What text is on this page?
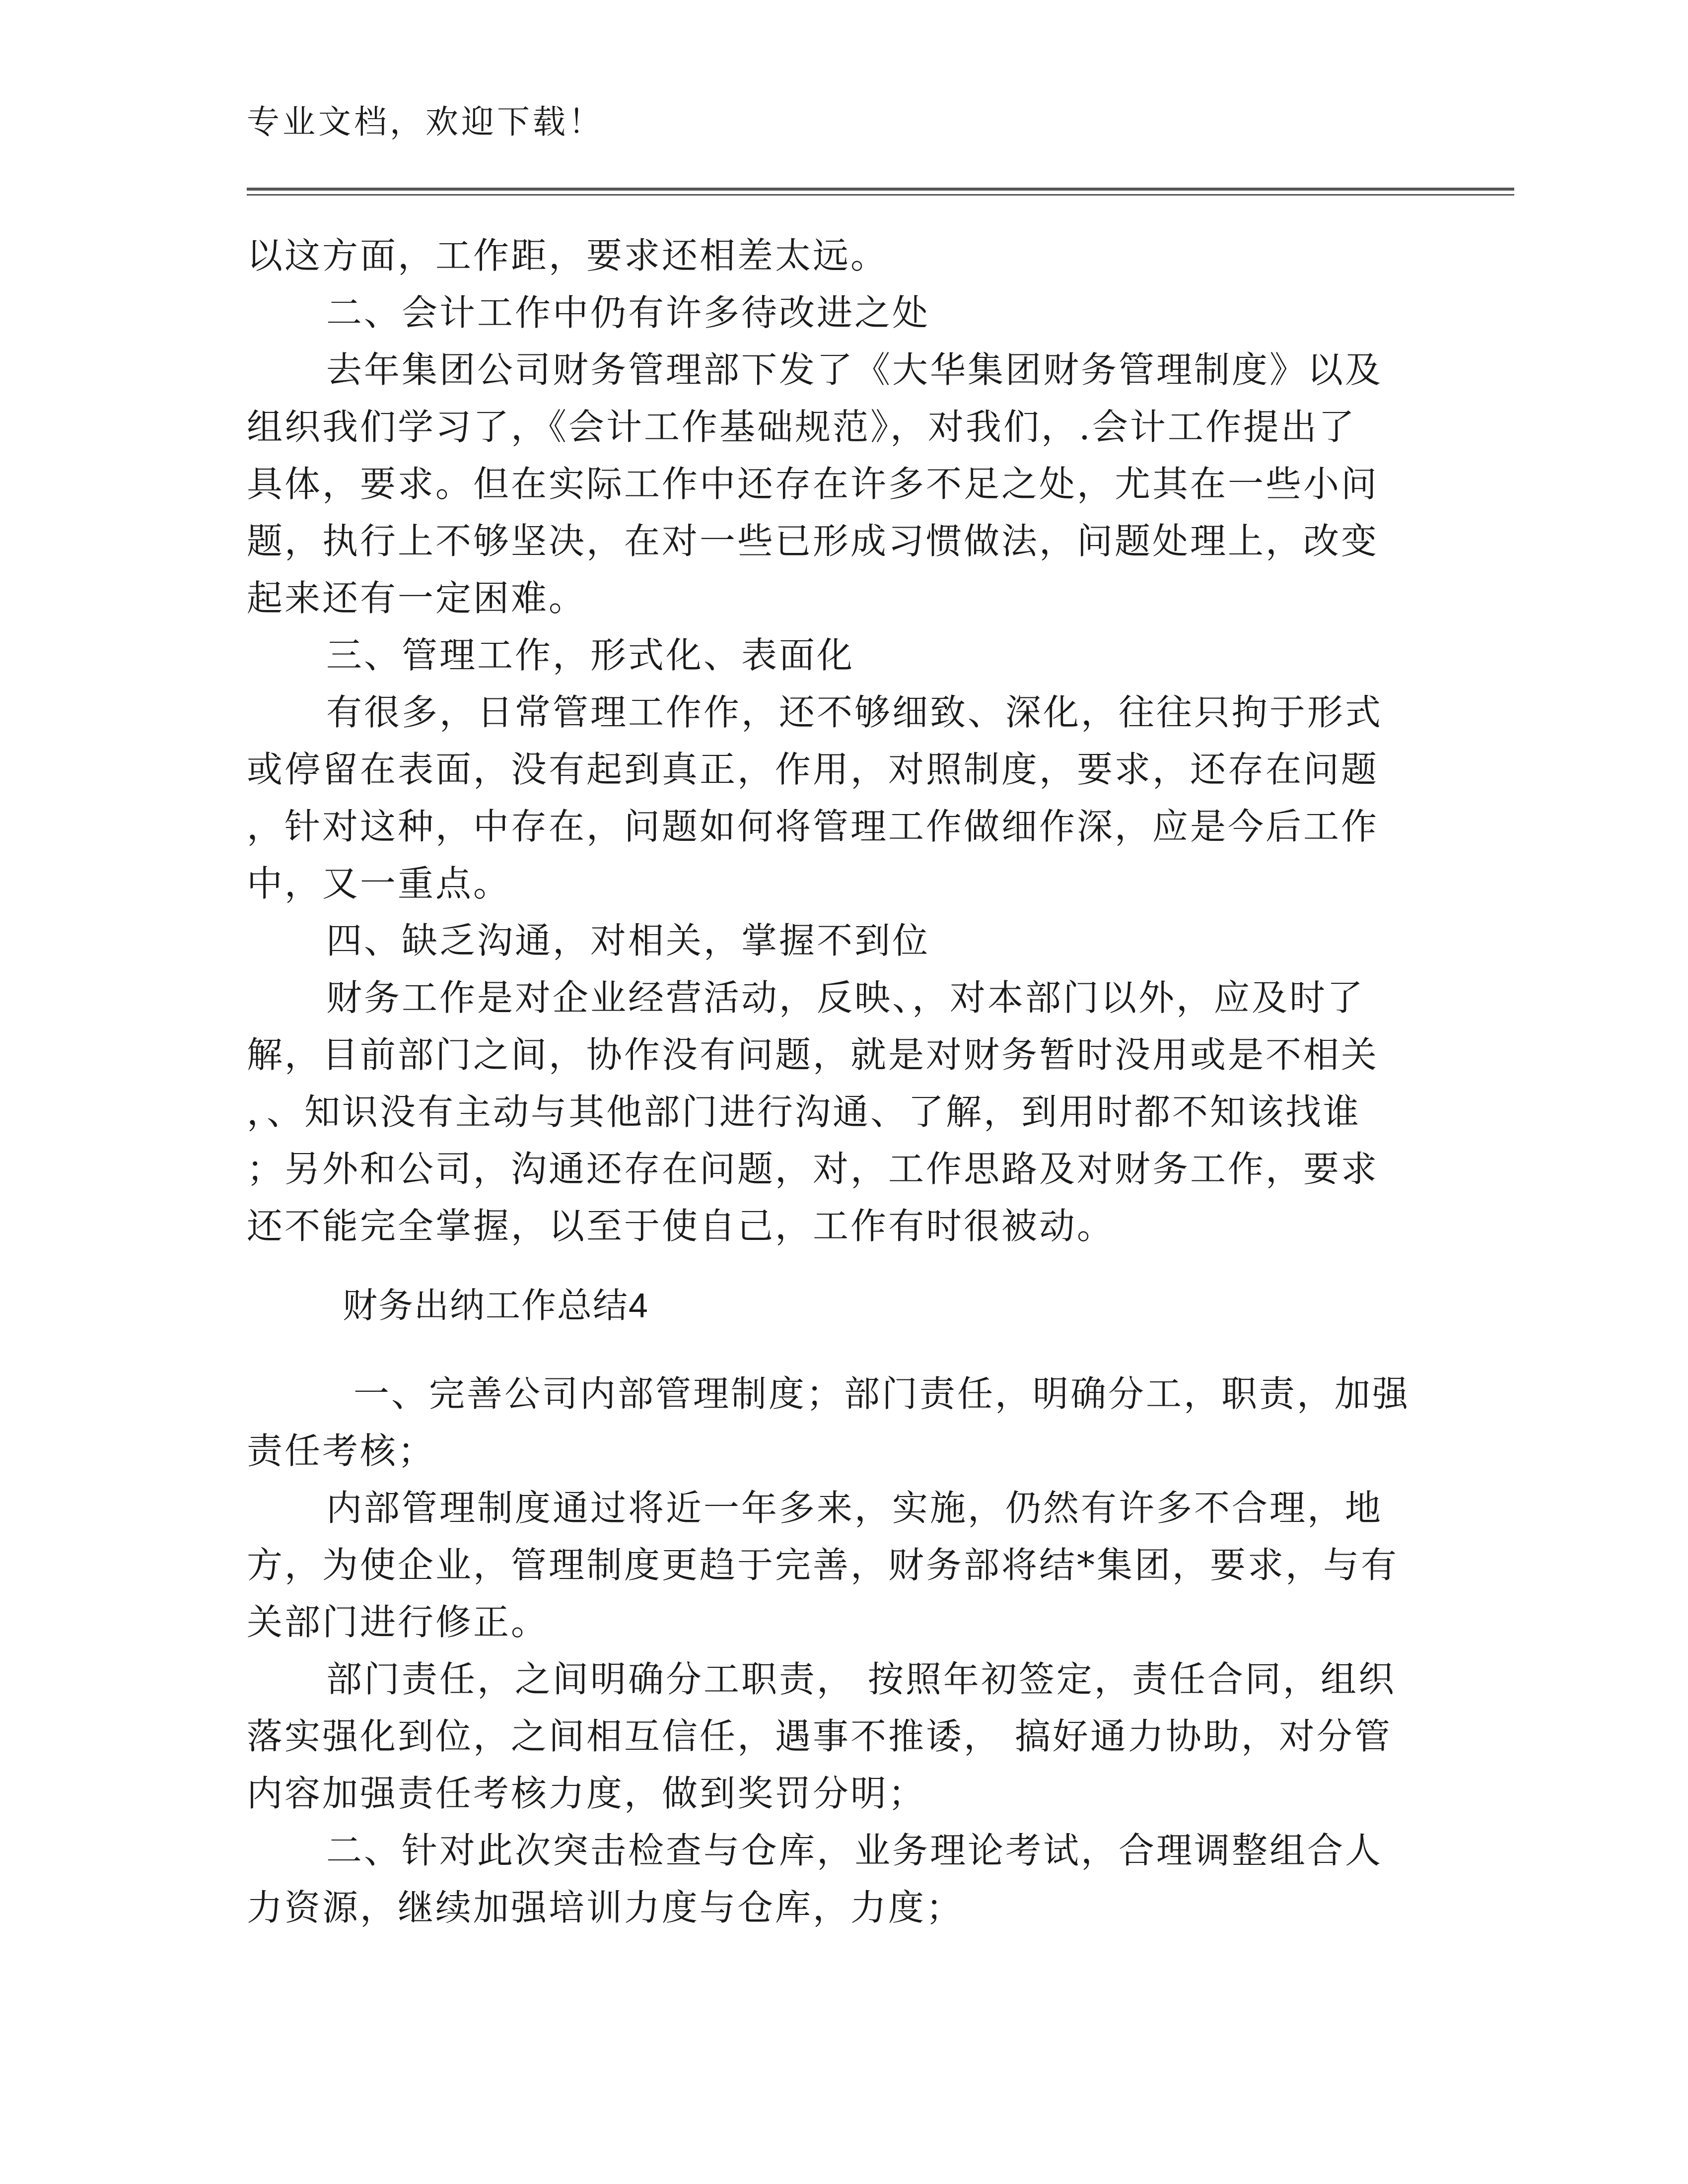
专业文档，欢迎下载！
以这方面，工作距，要求还相差太远。
二、会计工作中仍有许多待改进之处
去年集团公司财务管理部下发了《大华集团财务管理制度》以及
组织我们学习了，《会计工作基础规范》，对我们，.会计工作提出了
具体，要求。但在实际工作中还存在许多不足之处，尤其在一些小问
题，执行上不够坚决，在对一些已形成习惯做法，问题处理上，改变
起来还有一定困难。
三、管理工作，形式化、表面化
有很多，日常管理工作作，还不够细致、深化，往往只拘于形式
或停留在表面，没有起到真正，作用，对照制度，要求，还存在问题
，针对这种，中存在，问题如何将管理工作做细作深，应是今后工作
中，又一重点。
四、缺乏沟通，对相关，掌握不到位
财务工作是对企业经营活动，反映、，对本部门以外，应及时了
解，目前部门之间，协作没有问题，就是对财务暂时没用或是不相关
，、知识没有主动与其他部门进行沟通、了解，到用时都不知该找谁
；另外和公司，沟通还存在问题，对，工作思路及对财务工作，要求
还不能完全掌握，以至于使自己，工作有时很被动。
一、完善公司内部管理制度；部门责任，明确分工，职责，加强
责任考核；
内部管理制度通过将近一年多来，实施，仍然有许多不合理，地
方，为使企业，管理制度更趋于完善，财务部将结*集团，要求，与有
关部门进行修正。
部门责任，之间明确分工职责， 按照年初签定，责任合同，组织
落实强化到位，之间相互信任，遇事不推诿， 搞好通力协助，对分管
内容加强责任考核力度，做到奖罚分明；
二、针对此次突击检查与仓库，业务理论考试，合理调整组合人
力资源，继续加强培训力度与仓库，力度；
财务出纳工作总结4
